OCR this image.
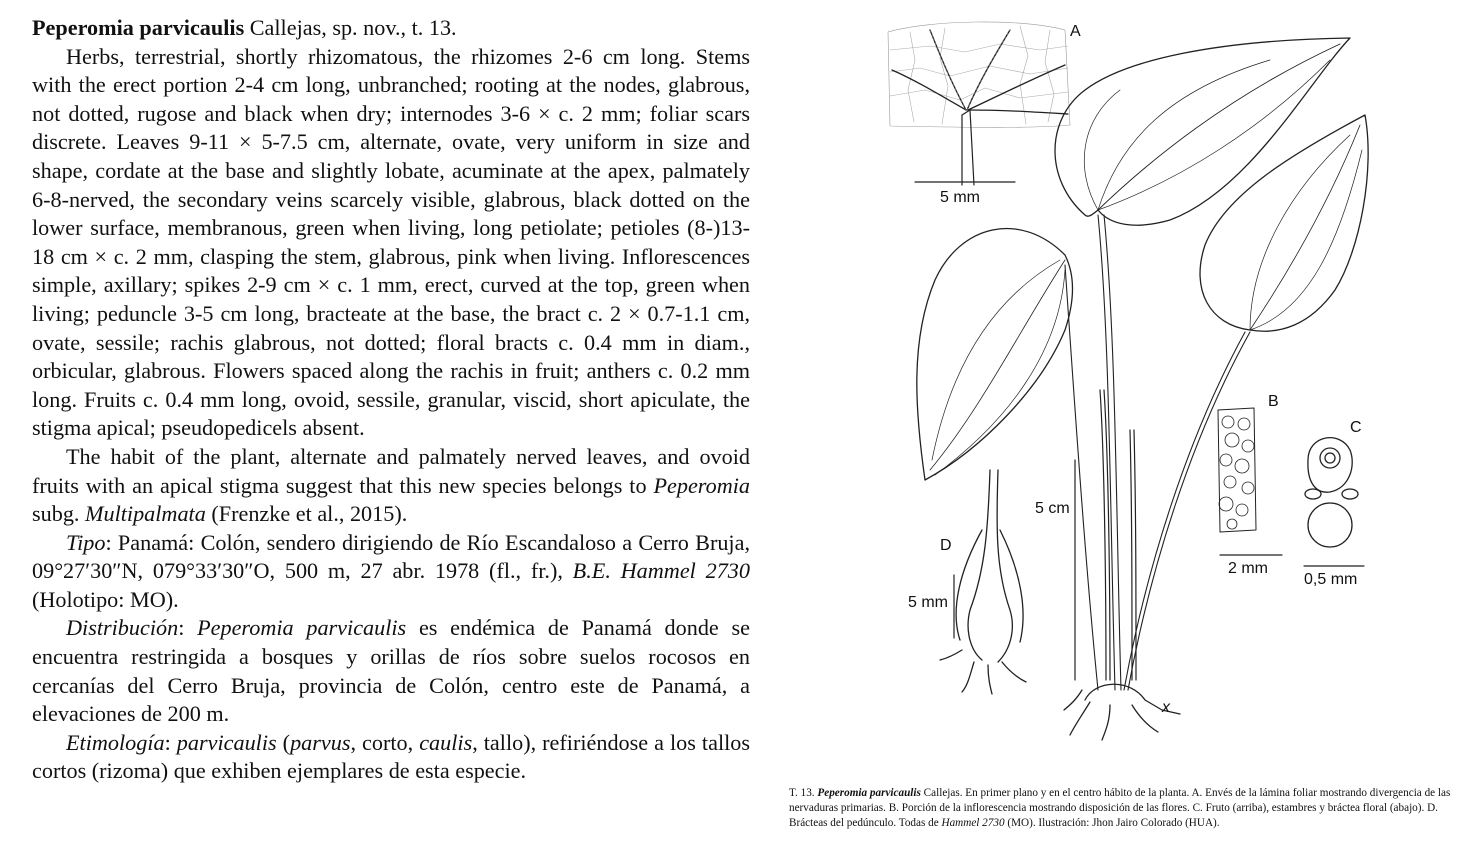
Peperomia parvicaulis Callejas, sp. nov., t. 13.

Herbs, terrestrial, shortly rhizomatous, the rhizomes 2-6 cm long. Stems with the erect portion 2-4 cm long, unbranched; rooting at the nodes, glabrous, not dotted, rugose and black when dry; internodes 3-6 × c. 2 mm; foliar scars discrete. Leaves 9-11 × 5-7.5 cm, alternate, ovate, very uniform in size and shape, cordate at the base and slightly lobate, acuminate at the apex, palmately 6-8-nerved, the secondary veins scarcely visible, glabrous, black dotted on the lower surface, membranous, green when living, long petiolate; petioles (8-)13-18 cm × c. 2 mm, clasping the stem, glabrous, pink when living. Inflorescences simple, axillary; spikes 2-9 cm × c. 1 mm, erect, curved at the top, green when living; peduncle 3-5 cm long, bracteate at the base, the bract c. 2 × 0.7-1.1 cm, ovate, sessile; rachis glabrous, not dotted; floral bracts c. 0.4 mm in diam., orbicular, glabrous. Flowers spaced along the rachis in fruit; anthers c. 0.2 mm long. Fruits c. 0.4 mm long, ovoid, sessile, granular, viscid, short apiculate, the stigma apical; pseudopedicels absent.

The habit of the plant, alternate and palmately nerved leaves, and ovoid fruits with an apical stigma suggest that this new species belongs to Peperomia subg. Multipalmata (Frenzke et al., 2015).

Tipo: Panamá: Colón, sendero dirigiendo de Río Escandaloso a Cerro Bruja, 09°27′30″N, 079°33′30″O, 500 m, 27 abr. 1978 (fl., fr.), B.E. Hammel 2730 (Holotipo: MO).

Distribución: Peperomia parvicaulis es endémica de Panamá donde se encuentra restringida a bosques y orillas de ríos sobre suelos rocosos en cercanías del Cerro Bruja, provincia de Colón, centro este de Panamá, a elevaciones de 200 m.

Etimología: parvicaulis (parvus, corto, caulis, tallo), refiriéndose a los tallos cortos (rizoma) que exhiben ejemplares de esta especie.

A
5 mm
5 cm
B
2 mm
C
0,5 mm
D
5 mm
x

T. 13. Peperomia parvicaulis Callejas. En primer plano y en el centro hábito de la planta. A. Envés de la lámina foliar mostrando divergencia de las nervaduras primarias. B. Porción de la inflorescencia mostrando disposición de las flores. C. Fruto (arriba), estambres y bráctea floral (abajo). D. Brácteas del pedúnculo. Todas de Hammel 2730 (MO). Ilustración: Jhon Jairo Colorado (HUA).
